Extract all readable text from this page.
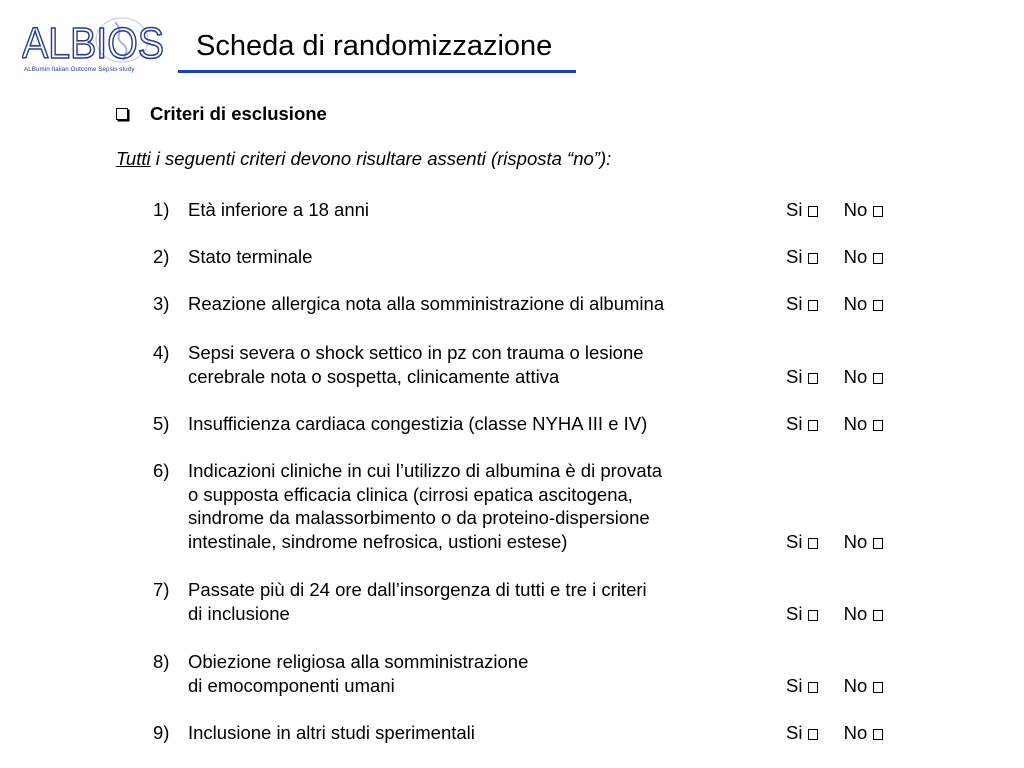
ALBIOS
ALBumin Italian Outcome Sepsis study
Scheda di randomizzazione
Criteri di esclusione
Tutti i seguenti criteri devono risultare assenti (risposta “no”):
1)	Età inferiore a 18 anni	Si No
2)	Stato terminale	Si No
3)	Reazione allergica nota alla somministrazione di albumina	Si No
4)	Sepsi severa o shock settico in pz con trauma o lesione
cerebrale nota o sospetta, clinicamente attiva	Si No
5)	Insufficienza cardiaca congestizia (classe NYHA III e IV)	Si No
6)	Indicazioni cliniche in cui l’utilizzo di albumina è di provata
o supposta efficacia clinica (cirrosi epatica ascitogena,
sindrome da malassorbimento o da proteino-dispersione
intestinale, sindrome nefrosica, ustioni estese)	Si No
7)	Passate più di 24 ore dall’insorgenza di tutti e tre i criteri
di inclusione	Si No
8)	Obiezione religiosa alla somministrazione
di emocomponenti umani	Si No
9)	Inclusione in altri studi sperimentali	Si No
